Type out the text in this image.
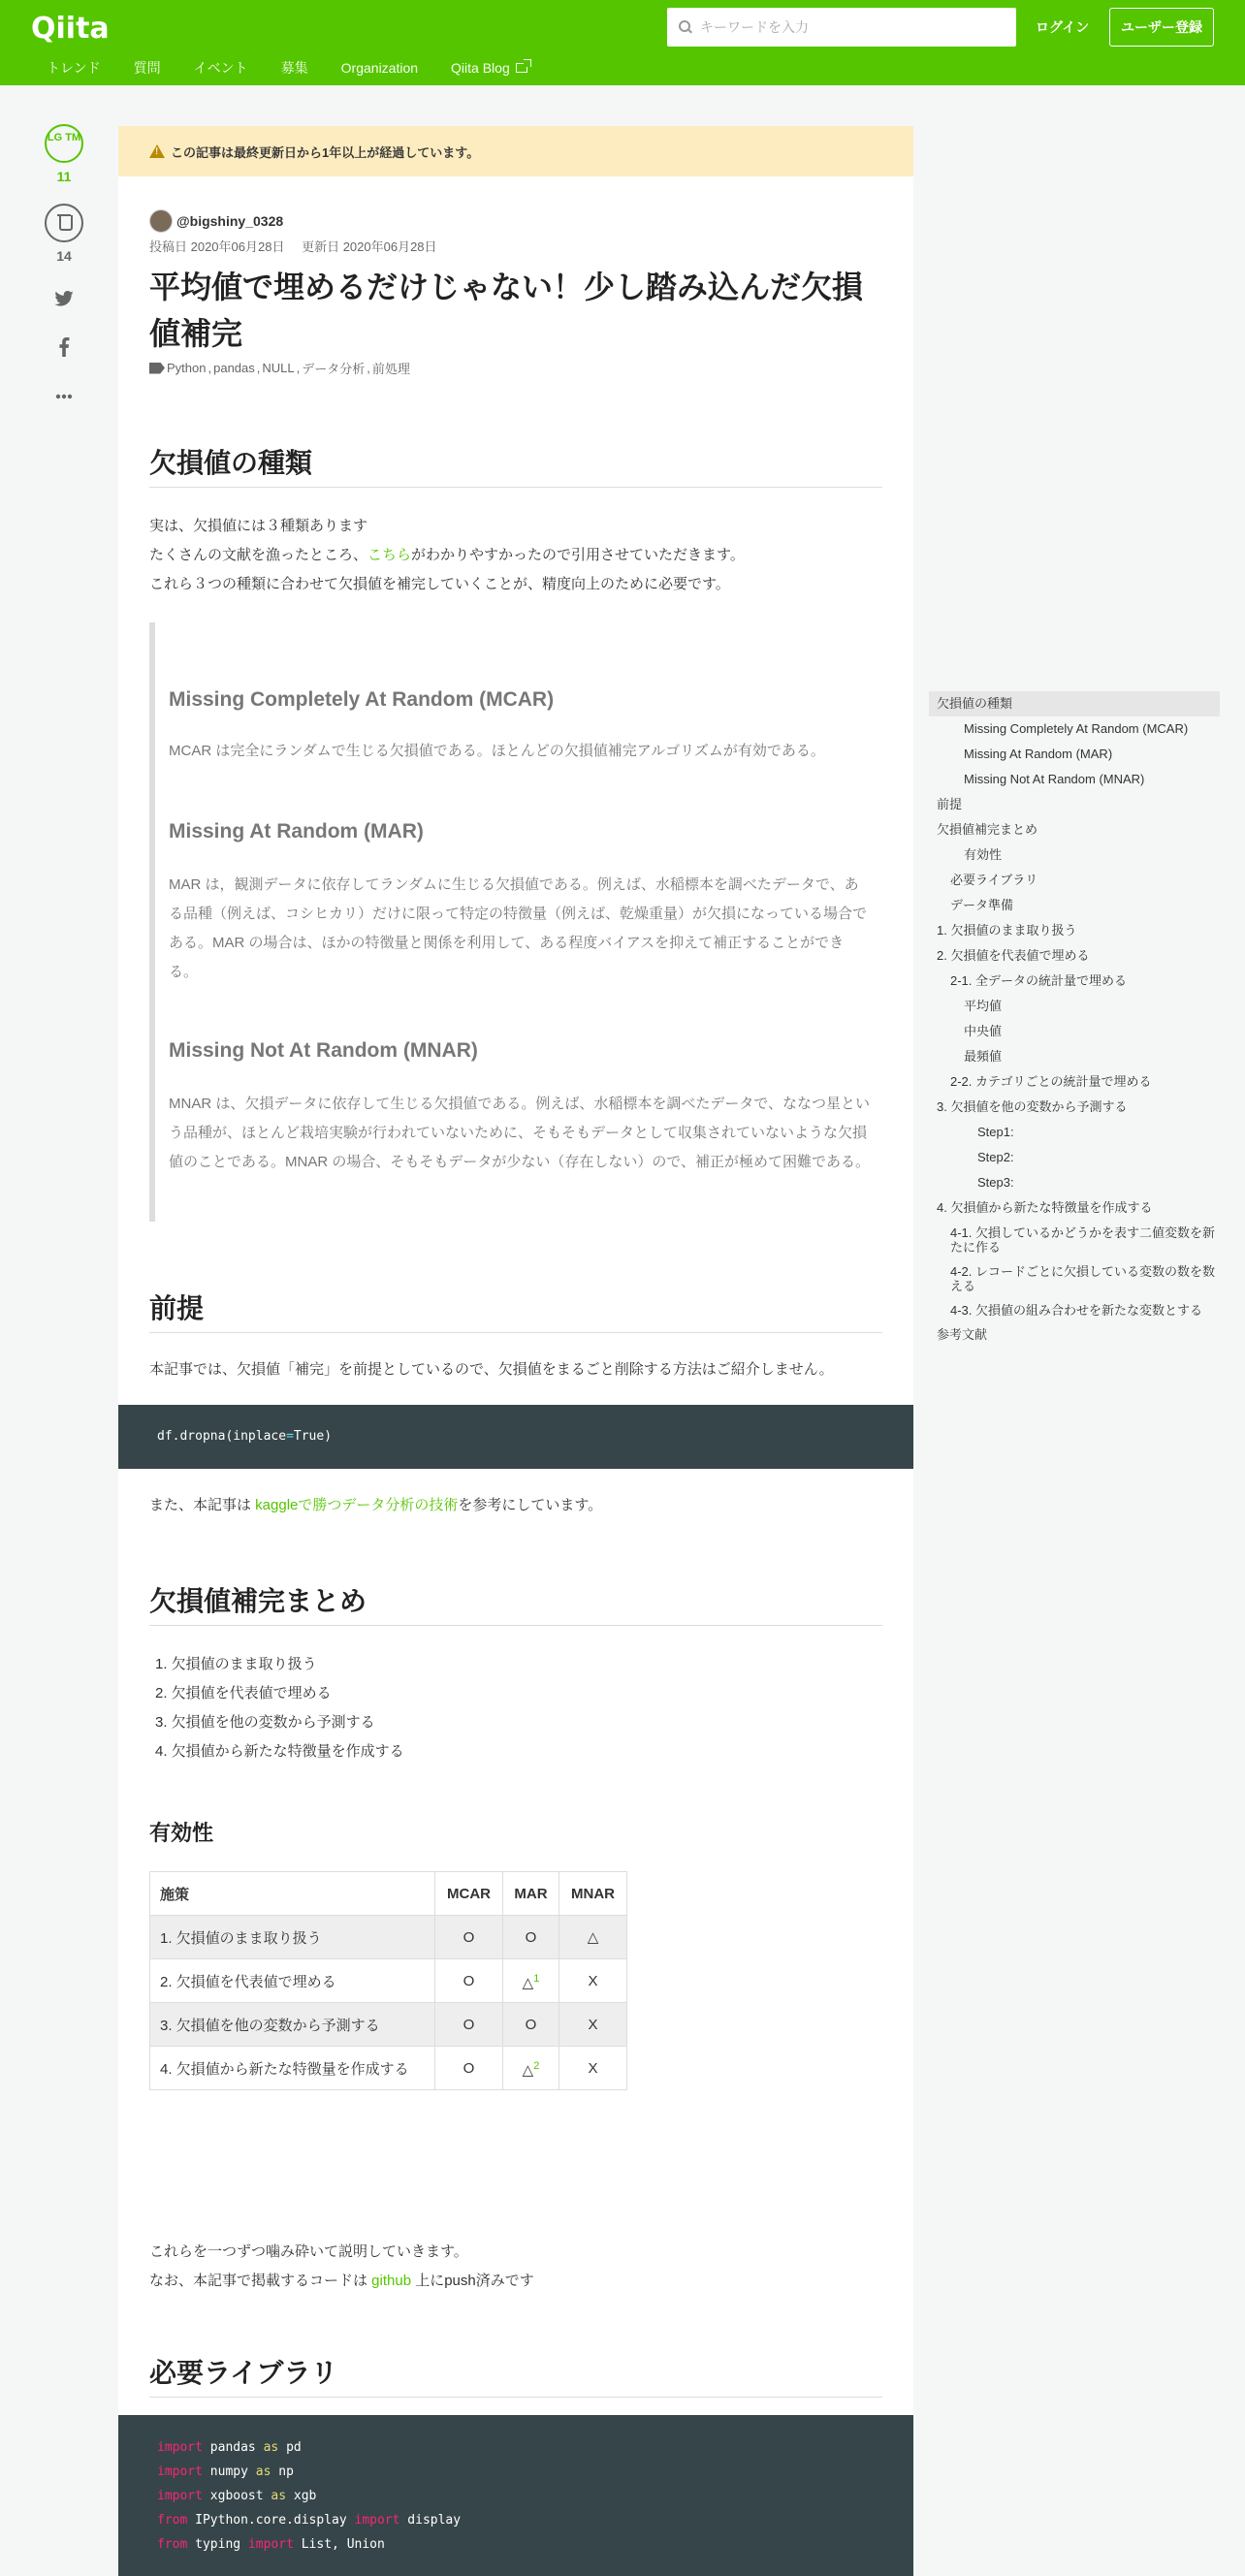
Qiita
トレンド 質問 イベント 募集 Organization Qiita Blog
キーワードを入力
ログイン	ユーザー登録
LG TM
11
14
!
この記事は最終更新日から1年以上が経過しています。
@bigshiny_0328
投稿日 2020年06月28日 更新日 2020年06月28日
平均値で埋めるだけじゃない！少し踏み込んだ欠損値補完
Python , pandas , NULL , データ分析 , 前処理
欠損値の種類
実は、欠損値には３種類あります
たくさんの文献を漁ったところ、こちらがわかりやすかったので引用させていただきます。
これら３つの種類に合わせて欠損値を補完していくことが、精度向上のために必要です。
Missing Completely At Random (MCAR)
MCAR は完全にランダムで生じる欠損値である。ほとんどの欠損値補完アルゴリズムが有効である。
Missing At Random (MAR)
MAR は，観測データに依存してランダムに生じる欠損値である。例えば、水稲標本を調べたデータで、ある品種（例えば、コシヒカリ）だけに限って特定の特徴量（例えば、乾燥重量）が欠損になっている場合である。MAR の場合は、ほかの特徴量と関係を利用して、ある程度バイアスを抑えて補正することができる。
Missing Not At Random (MNAR)
MNAR は、欠損データに依存して生じる欠損値である。例えば、水稲標本を調べたデータで、ななつ星という品種が、ほとんど栽培実験が行われていないために、そもそもデータとして収集されていないような欠損値のことである。MNAR の場合、そもそもデータが少ない（存在しない）ので、補正が極めて困難である。
前提
本記事では、欠損値「補完」を前提としているので、欠損値をまるごと削除する方法はご紹介しません。
df.dropna(inplace=True)
また、本記事は kaggleで勝つデータ分析の技術を参考にしています。
欠損値補完まとめ
1. 欠損値のまま取り扱う
2. 欠損値を代表値で埋める
3. 欠損値を他の変数から予測する
4. 欠損値から新たな特徴量を作成する
有効性
施策	MCAR	MAR	MNAR
1. 欠損値のまま取り扱う	O	O	△
2. 欠損値を代表値で埋める	O	△$^1$	X
3. 欠損値を他の変数から予測する	O	O	X
4. 欠損値から新たな特徴量を作成する	O	△$^2$	X
これらを一つずつ噛み砕いて説明していきます。
なお、本記事で掲載するコードは github 上にpush済みです
必要ライブラリ
import pandas as pd
import numpy as np
import xgboost as xgb
from IPython.core.display import display
from typing import List, Union
欠損値の種類
Missing Completely At Random (MCAR)
Missing At Random (MAR)
Missing Not At Random (MNAR)
前提
欠損値補完まとめ
有効性
必要ライブラリ
データ準備
1. 欠損値のまま取り扱う
2. 欠損値を代表値で埋める
2-1. 全データの統計量で埋める
平均値
中央値
最頻値
2-2. カテゴリごとの統計量で埋める
3. 欠損値を他の変数から予測する
Step1:
Step2:
Step3:
4. 欠損値から新たな特徴量を作成する
4-1. 欠損しているかどうかを表す二値変数を新たに作る
4-2. レコードごとに欠損している変数の数を数える
4-3. 欠損値の組み合わせを新たな変数とする
参考文献
